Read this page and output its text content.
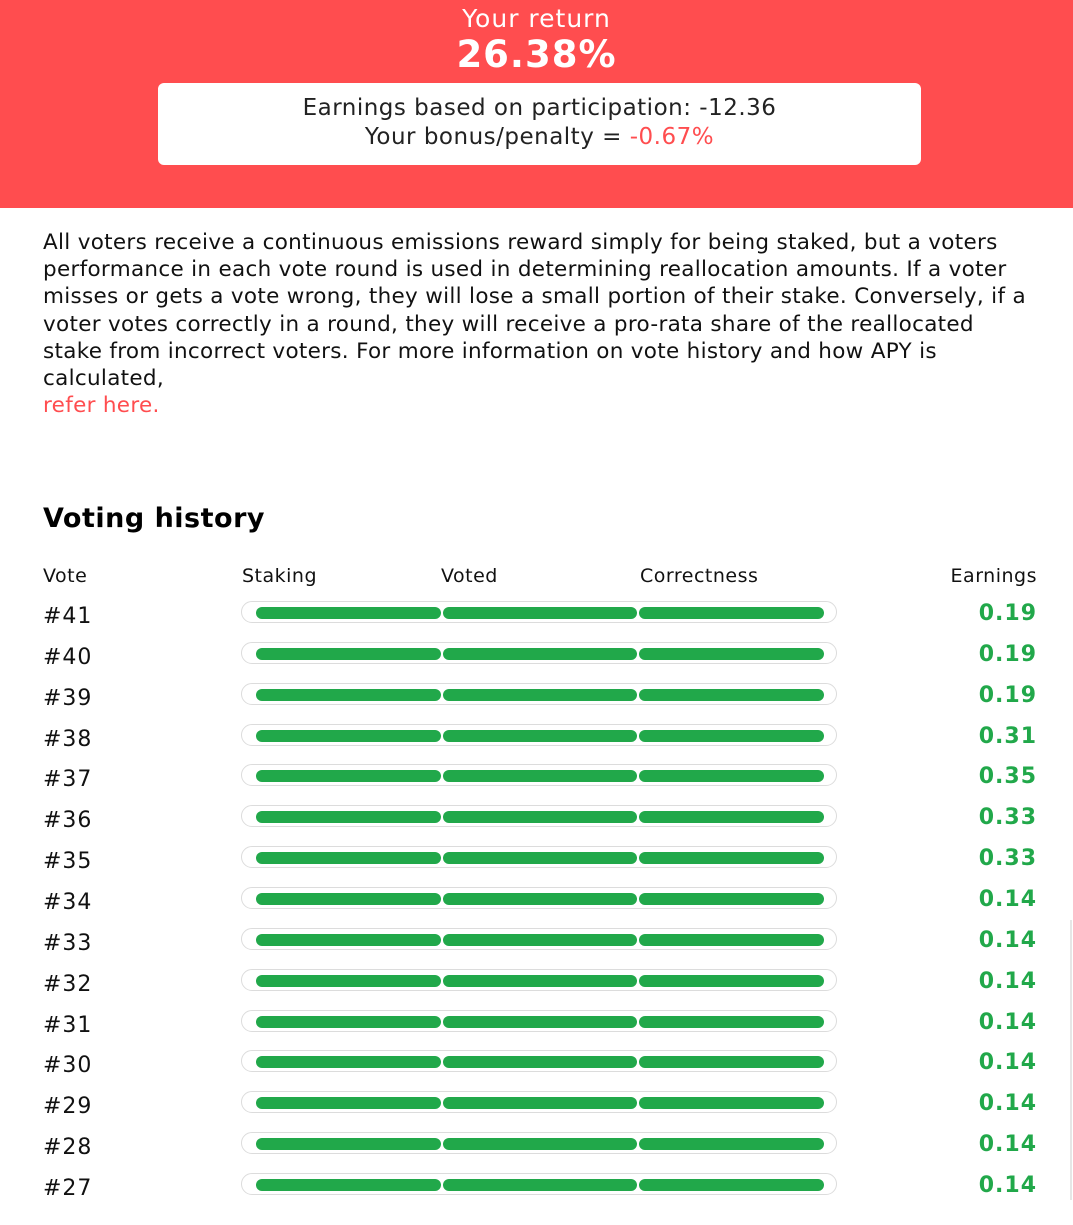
Your return
26.38%
Earnings based on participation: -12.36
Your bonus/penalty = -0.67%

All voters receive a continuous emissions reward simply for being staked, but a voters performance in each vote round is used in determining reallocation amounts. If a voter misses or gets a vote wrong, they will lose a small portion of their stake. Conversely, if a voter votes correctly in a round, they will receive a pro-rata share of the reallocated stake from incorrect voters. For more information on vote history and how APY is calculated,
refer here.

Voting history
Vote	Staking	Voted	Correctness	Earnings
#41	0.19
#40	0.19
#39	0.19
#38	0.31
#37	0.35
#36	0.33
#35	0.33
#34	0.14
#33	0.14
#32	0.14
#31	0.14
#30	0.14
#29	0.14
#28	0.14
#27	0.14
